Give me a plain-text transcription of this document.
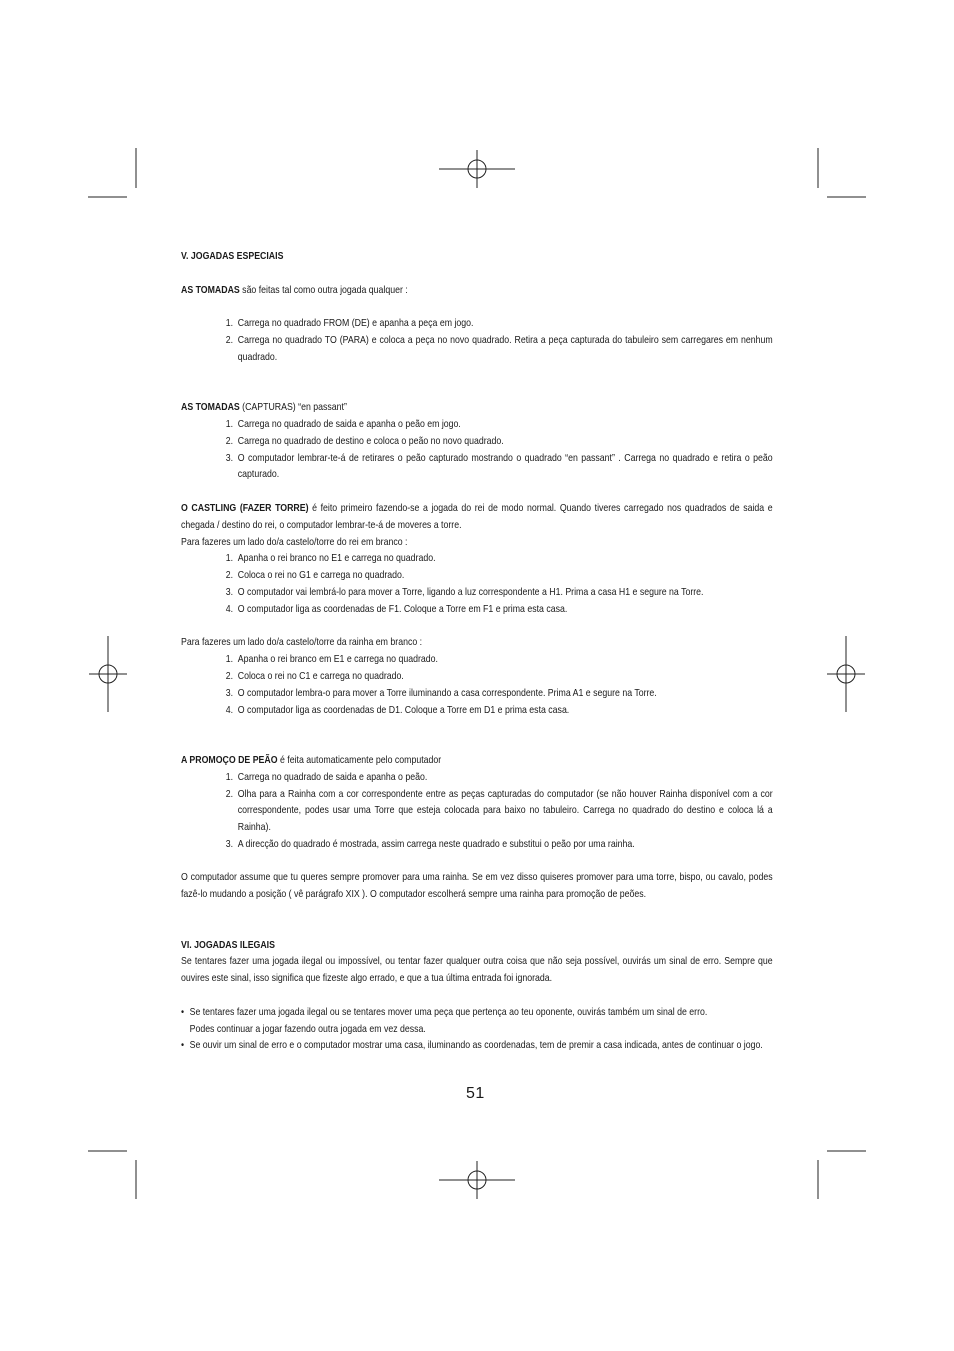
V. JOGADAS ESPECIAIS

AS TOMADAS são feitas tal como outra jogada qualquer :

1. Carrega no quadrado FROM (DE) e apanha a peça em jogo.
2. Carrega no quadrado TO (PARA) e coloca a peça no novo quadrado. Retira a peça capturada do tabuleiro sem carregares em nenhum quadrado.

AS TOMADAS (CAPTURAS) “en passant”

1. Carrega no quadrado de saida e apanha o peão em jogo.
2. Carrega no quadrado de destino e coloca o peão no novo quadrado.
3. O computador lembrar-te-á de retirares o peão capturado mostrando o quadrado “en passant” . Carrega no quadrado e retira o peão capturado.

O CASTLING (FAZER TORRE) é feito primeiro fazendo-se a jogada do rei de modo normal. Quando tiveres carregado nos quadrados de saida e chegada / destino do rei, o computador lembrar-te-á de moveres a torre.

Para fazeres um lado do/a castelo/torre do rei em branco :

1. Apanha o rei branco no E1 e carrega no quadrado.
2. Coloca o rei no G1 e carrega no quadrado.
3. O computador vai lembrá-lo para mover a Torre, ligando a luz correspondente a H1. Prima a casa H1 e segure na Torre.
4. O computador liga as coordenadas de F1. Coloque a Torre em F1 e prima esta casa.

Para fazeres um lado do/a castelo/torre da rainha em branco :

1. Apanha o rei branco em E1 e carrega no quadrado.
2. Coloca o rei no C1 e carrega no quadrado.
3. O computador lembra-o para mover a Torre iluminando a casa correspondente. Prima A1 e segure na Torre.
4. O computador liga as coordenadas de D1. Coloque a Torre em D1 e prima esta casa.

A PROMOÇO DE PEÃO é feita automaticamente pelo computador

1. Carrega no quadrado de saida e apanha o peão.
2. Olha para a Rainha com a cor correspondente entre as peças capturadas do computador (se não houver Rainha disponível com a cor correspondente, podes usar uma Torre que esteja colocada para baixo no tabuleiro. Carrega no quadrado do destino e coloca lá a Rainha).
3. A direcção do quadrado é mostrada, assim carrega neste quadrado e substitui o peão por uma rainha.

O computador assume que tu queres sempre promover para uma rainha. Se em vez disso quiseres promover para uma torre, bispo, ou cavalo, podes fazê-lo mudando a posição ( vê parágrafo XIX ). O computador escolherá sempre uma rainha para promoção de peões.

VI. JOGADAS ILEGAIS

Se tentares fazer uma jogada ilegal ou impossível, ou tentar fazer qualquer outra coisa que não seja possível, ouvirás um sinal de erro. Sempre que ouvires este sinal, isso significa que fizeste algo errado, e que a tua última entrada foi ignorada.

• Se tentares fazer uma jogada ilegal ou se tentares mover uma peça que pertença ao teu oponente, ouvirás também um sinal de erro.

Podes continuar a jogar fazendo outra jogada em vez dessa.

• Se ouvir um sinal de erro e o computador mostrar uma casa, iluminando as coordenadas, tem de premir a casa indicada, antes de continuar o jogo.

51
